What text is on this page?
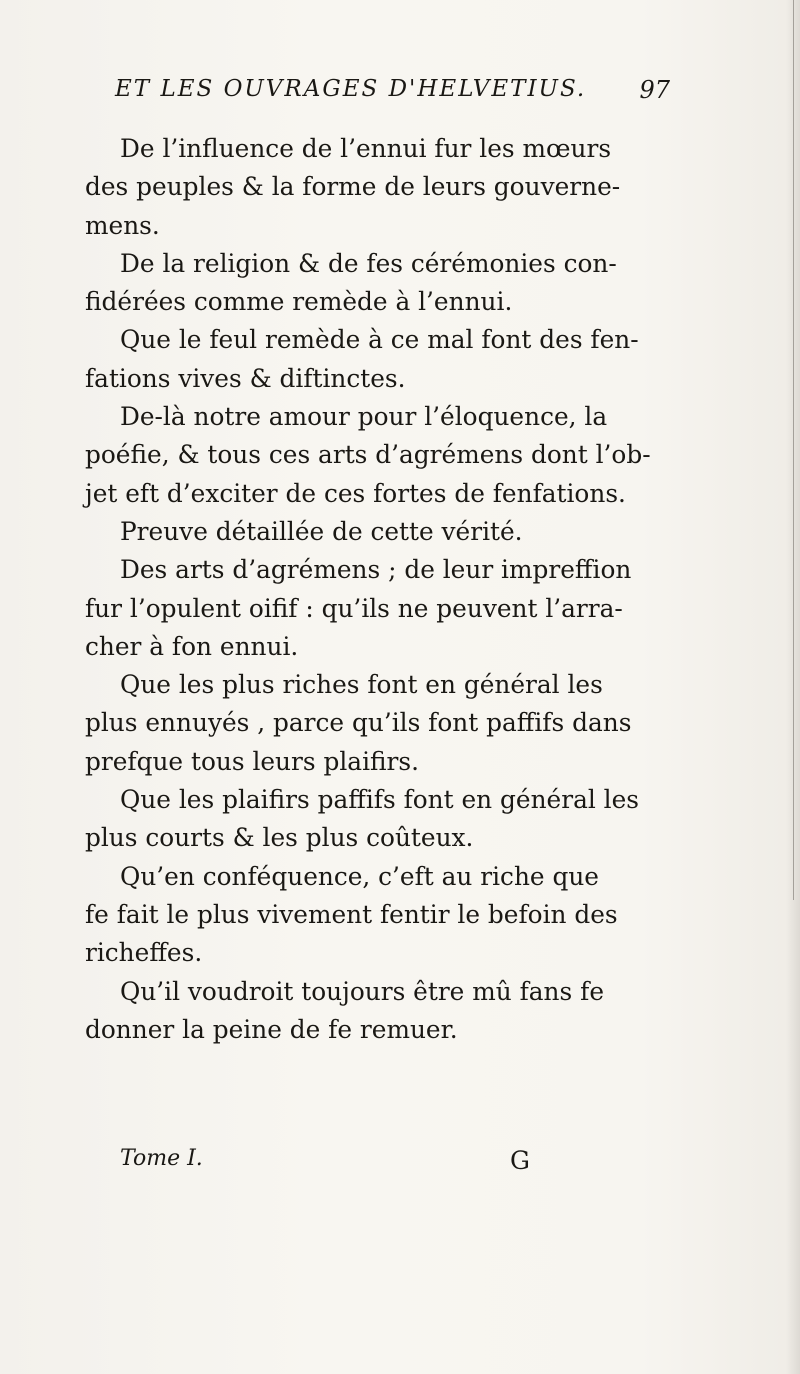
ET LES OUVRAGES D'HELVETIUS. 97
De l’influence de l’ennui fur les mœurs
des peuples & la forme de leurs gouverne-
mens.
De la religion & de fes cérémonies con-
fidérées comme remède à l’ennui.
Que le feul remède à ce mal font des fen-
fations vives & diftinctes.
De-là notre amour pour l’éloquence, la
poéfie, & tous ces arts d’agrémens dont l’ob-
jet eft d’exciter de ces fortes de fenfations.
Preuve détaillée de cette vérité.
Des arts d’agrémens ; de leur impreffion
fur l’opulent oifif : qu’ils ne peuvent l’arra-
cher à fon ennui.
Que les plus riches font en général les
plus ennuyés , parce qu’ils font paffifs dans
prefque tous leurs plaifirs.
Que les plaifirs paffifs font en général les
plus courts & les plus coûteux.
Qu’en conféquence, c’eft au riche que
fe fait le plus vivement fentir le befoin des
richeffes.
Qu’il voudroit toujours être mû fans fe
donner la peine de fe remuer.
Tome I.	G
